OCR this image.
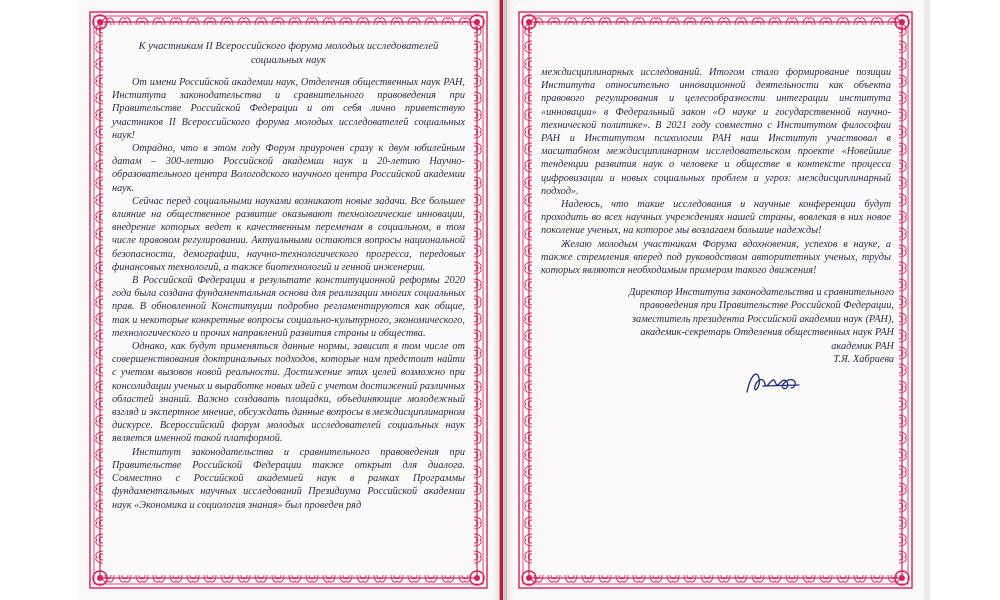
К участникам II Всероссийского форума молодых исследователей
социальных наук

От имени Российской академии наук, Отделения общественных наук РАН, Института законодательства и сравнительного правоведения при Правительстве Российской Федерации и от себя лично приветствую участников II Всероссийского форума молодых исследователей социальных наук!

Отрадно, что в этом году Форум приурочен сразу к двум юбилейным датам – 300-летию Российской академии наук и 20-летию Научно-образовательного центра Вологодского научного центра Российской академии наук.

Сейчас перед социальными науками возникают новые задачи. Все большее влияние на общественное развитие оказывают технологические инновации, внедрение которых ведет к качественным переменам в социальном, в том числе правовом регулировании. Актуальными остаются вопросы национальной безопасности, демографии, научно-технологического прогресса, передовых финансовых технологий, а также биотехнологий и генной инженерии.

В Российской Федерации в результате конституционной реформы 2020 года была создана фундаментальная основа для реализации многих социальных прав. В обновленной Конституции подробно регламентируются как общие, так и некоторые конкретные вопросы социально-культурного, экономического, технологического и прочих направлений развития страны и общества.

Однако, как будут применяться данные нормы, зависит в том числе от совершенствования доктринальных подходов, которые нам предстоит найти с учетом вызовов новой реальности. Достижение этих целей возможно при консолидации ученых и выработке новых идей с учетом достижений различных областей знаний. Важно создавать площадки, объединяющие молодежный взгляд и экспертное мнение, обсуждать данные вопросы в междисциплинарном дискурсе. Всероссийский форум молодых исследователей социальных наук является именной такой платформой.

Институт законодательства и сравнительного правоведения при Правительстве Российской Федерации также открыт для диалога. Совместно с Российской академией наук в рамках Программы фундаментальных научных исследований Президиума Российской академии наук «Экономика и социология знания» был проведен ряд

междисциплинарных исследований. Итогом стало формирование позиции Института относительно инновационной деятельности как объекта правового регулирования и целесообразности интеграции института «инновации» в Федеральный закон «О науке и государственной научно-технической политике». В 2021 году совместно с Институтом философии РАН и Институтом психологии РАН наш Институт участвовал в масштабном междисциплинарном исследовательском проекте «Новейшие тенденции развития наук о человеке и обществе в контексте процесса цифровизации и новых социальных проблем и угроз: междисциплинарный подход».

Надеюсь, что такие исследования и научные конференции будут проходить во всех научных учреждениях нашей страны, вовлекая в них новое поколение ученых, на которое мы возлагаем большие надежды!

Желаю молодым участникам Форума вдохновения, успехов в науке, а также стремления вперед под руководством авторитетных ученых, труды которых являются необходимым примером такого движения!

Директор Института законодательства и сравнительного
правоведения при Правительстве Российской Федерации,
заместитель президента Российской академии наук (РАН),
академик-секретарь Отделения общественных наук РАН
академик РАН
Т.Я. Хабриева
